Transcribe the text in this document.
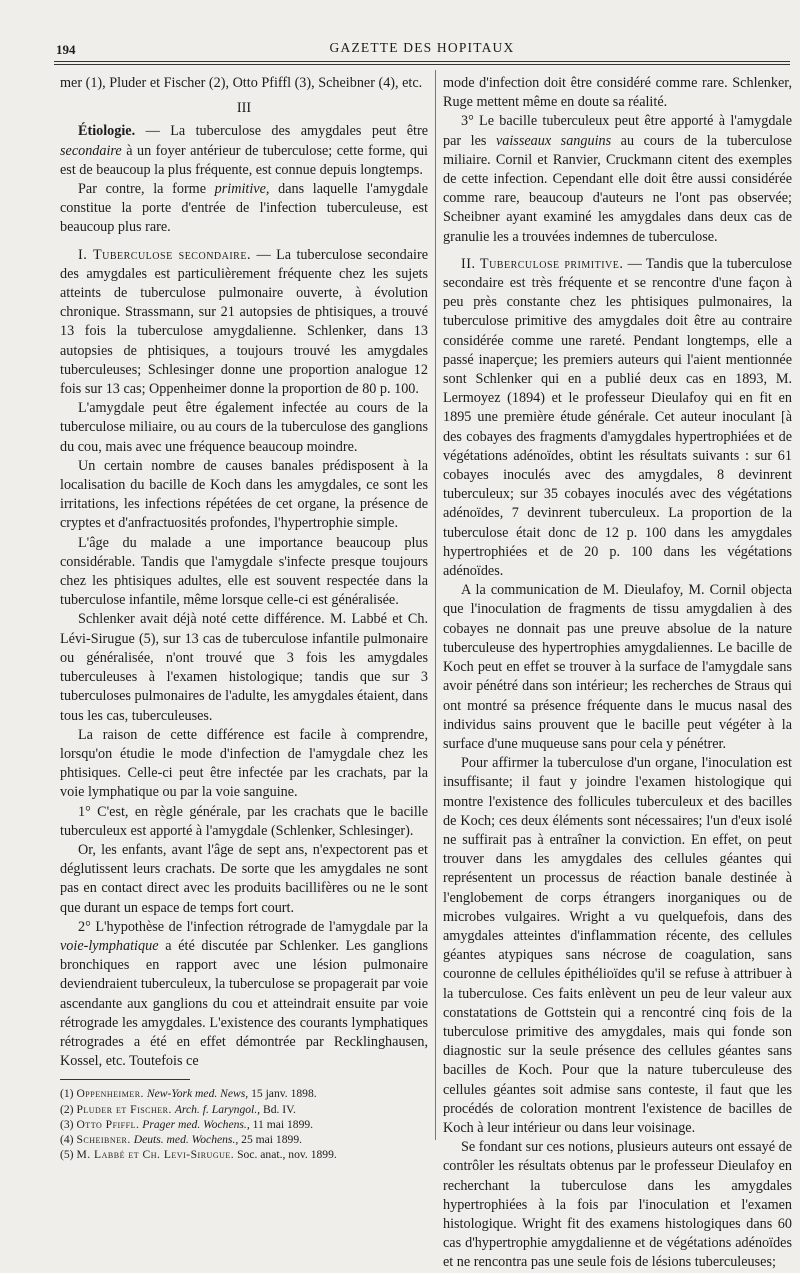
194	GAZETTE DES HOPITAUX

mer (1), Pluder et Fischer (2), Otto Pfiffl (3), Scheibner (4), etc.

III

Étiologie. — La tuberculose des amygdales peut être secondaire à un foyer antérieur de tuberculose; cette forme, qui est de beaucoup la plus fréquente, est connue depuis longtemps.

Par contre, la forme primitive, dans laquelle l'amygdale constitue la porte d'entrée de l'infection tuberculeuse, est beaucoup plus rare.

I. Tuberculose secondaire. — La tuberculose secondaire des amygdales est particulièrement fréquente chez les sujets atteints de tuberculose pulmonaire ouverte, à évolution chronique. Strassmann, sur 21 autopsies de phtisiques, a trouvé 13 fois la tuberculose amygdalienne. Schlenker, dans 13 autopsies de phtisiques, a toujours trouvé les amygdales tuberculeuses; Schlesinger donne une proportion analogue 12 fois sur 13 cas; Oppenheimer donne la proportion de 80 p. 100.

L'amygdale peut être également infectée au cours de la tuberculose miliaire, ou au cours de la tuberculose des ganglions du cou, mais avec une fréquence beaucoup moindre.

Un certain nombre de causes banales prédisposent à la localisation du bacille de Koch dans les amygdales, ce sont les irritations, les infections répétées de cet organe, la présence de cryptes et d'anfractuosités profondes, l'hypertrophie simple.

L'âge du malade a une importance beaucoup plus considérable. Tandis que l'amygdale s'infecte presque toujours chez les phtisiques adultes, elle est souvent respectée dans la tuberculose infantile, même lorsque celle-ci est généralisée.

Schlenker avait déjà noté cette différence. M. Labbé et Ch. Lévi-Sirugue (5), sur 13 cas de tuberculose infantile pulmonaire ou généralisée, n'ont trouvé que 3 fois les amygdales tuberculeuses à l'examen histologique; tandis que sur 3 tuberculoses pulmonaires de l'adulte, les amygdales étaient, dans tous les cas, tuberculeuses.

La raison de cette différence est facile à comprendre, lorsqu'on étudie le mode d'infection de l'amygdale chez les phtisiques. Celle-ci peut être infectée par les crachats, par la voie lymphatique ou par la voie sanguine.

1° C'est, en règle générale, par les crachats que le bacille tuberculeux est apporté à l'amygdale (Schlenker, Schlesinger).

Or, les enfants, avant l'âge de sept ans, n'expectorent pas et déglutissent leurs crachats. De sorte que les amygdales ne sont pas en contact direct avec les produits bacillifères ou ne le sont que durant un espace de temps fort court.

2° L'hypothèse de l'infection rétrograde de l'amygdale par la voie-lymphatique a été discutée par Schlenker. Les ganglions bronchiques en rapport avec une lésion pulmonaire deviendraient tuberculeux, la tuberculose se propagerait par voie ascendante aux ganglions du cou et atteindrait ensuite par voie rétrograde les amygdales. L'existence des courants lymphatiques rétrogrades a été en effet démontrée par Recklinghausen, Kossel, etc. Toutefois ce

(1) Oppenheimer. New-York med. News, 15 janv. 1898.
(2) Pluder et Fischer. Arch. f. Laryngol., Bd. IV.
(3) Otto Pfiffl. Prager med. Wochens., 11 mai 1899.
(4) Scheibner. Deuts. med. Wochens., 25 mai 1899.
(5) M. Labbé et Ch. Levi-Sirugue. Soc. anat., nov. 1899.

mode d'infection doit être considéré comme rare. Schlenker, Ruge mettent même en doute sa réalité.

3° Le bacille tuberculeux peut être apporté à l'amygdale par les vaisseaux sanguins au cours de la tuberculose miliaire. Cornil et Ranvier, Cruckmann citent des exemples de cette infection. Cependant elle doit être aussi considérée comme rare, beaucoup d'auteurs ne l'ont pas observée; Scheibner ayant examiné les amygdales dans deux cas de granulie les a trouvées indemnes de tuberculose.

II. Tuberculose primitive. — Tandis que la tuberculose secondaire est très fréquente et se rencontre d'une façon à peu près constante chez les phtisiques pulmonaires, la tuberculose primitive des amygdales doit être au contraire considérée comme une rareté. Pendant longtemps, elle a passé inaperçue; les premiers auteurs qui l'aient mentionnée sont Schlenker qui en a publié deux cas en 1893, M. Lermoyez (1894) et le professeur Dieulafoy qui en fit en 1895 une première étude générale. Cet auteur inoculant [à des cobayes des fragments d'amygdales hypertrophiées et de végétations adénoïdes, obtint les résultats suivants : sur 61 cobayes inoculés avec des amygdales, 8 devinrent tuberculeux; sur 35 cobayes inoculés avec des végétations adénoïdes, 7 devinrent tuberculeux. La proportion de la tuberculose était donc de 12 p. 100 dans les amygdales hypertrophiées et de 20 p. 100 dans les végétations adénoïdes.

A la communication de M. Dieulafoy, M. Cornil objecta que l'inoculation de fragments de tissu amygdalien à des cobayes ne donnait pas une preuve absolue de la nature tuberculeuse des hypertrophies amygdaliennes. Le bacille de Koch peut en effet se trouver à la surface de l'amygdale sans avoir pénétré dans son intérieur; les recherches de Straus qui ont montré sa présence fréquente dans le mucus nasal des individus sains prouvent que le bacille peut végéter à la surface d'une muqueuse sans pour cela y pénétrer.

Pour affirmer la tuberculose d'un organe, l'inoculation est insuffisante; il faut y joindre l'examen histologique qui montre l'existence des follicules tuberculeux et des bacilles de Koch; ces deux éléments sont nécessaires; l'un d'eux isolé ne suffirait pas à entraîner la conviction. En effet, on peut trouver dans les amygdales des cellules géantes qui représentent un processus de réaction banale destinée à l'englobement de corps étrangers inorganiques ou de microbes vulgaires. Wright a vu quelquefois, dans des amygdales atteintes d'inflammation récente, des cellules géantes atypiques sans nécrose de coagulation, sans couronne de cellules épithélioïdes qu'il se refuse à attribuer à la tuberculose. Ces faits enlèvent un peu de leur valeur aux constatations de Gottstein qui a rencontré cinq fois de la tuberculose primitive des amygdales, mais qui fonde son diagnostic sur la seule présence des cellules géantes sans bacilles de Koch. Pour que la nature tuberculeuse des cellules géantes soit admise sans conteste, il faut que les procédés de coloration montrent l'existence de bacilles de Koch à leur intérieur ou dans leur voisinage.

Se fondant sur ces notions, plusieurs auteurs ont essayé de contrôler les résultats obtenus par le professeur Dieulafoy en recherchant la tuberculose dans les amygdales hypertrophiées à la fois par l'inoculation et l'examen histologique. Wright fit des examens histologiques dans 60 cas d'hypertrophie amygdalienne et de végétations adénoïdes et ne rencontra pas une seule fois de lésions tuberculeuses;
